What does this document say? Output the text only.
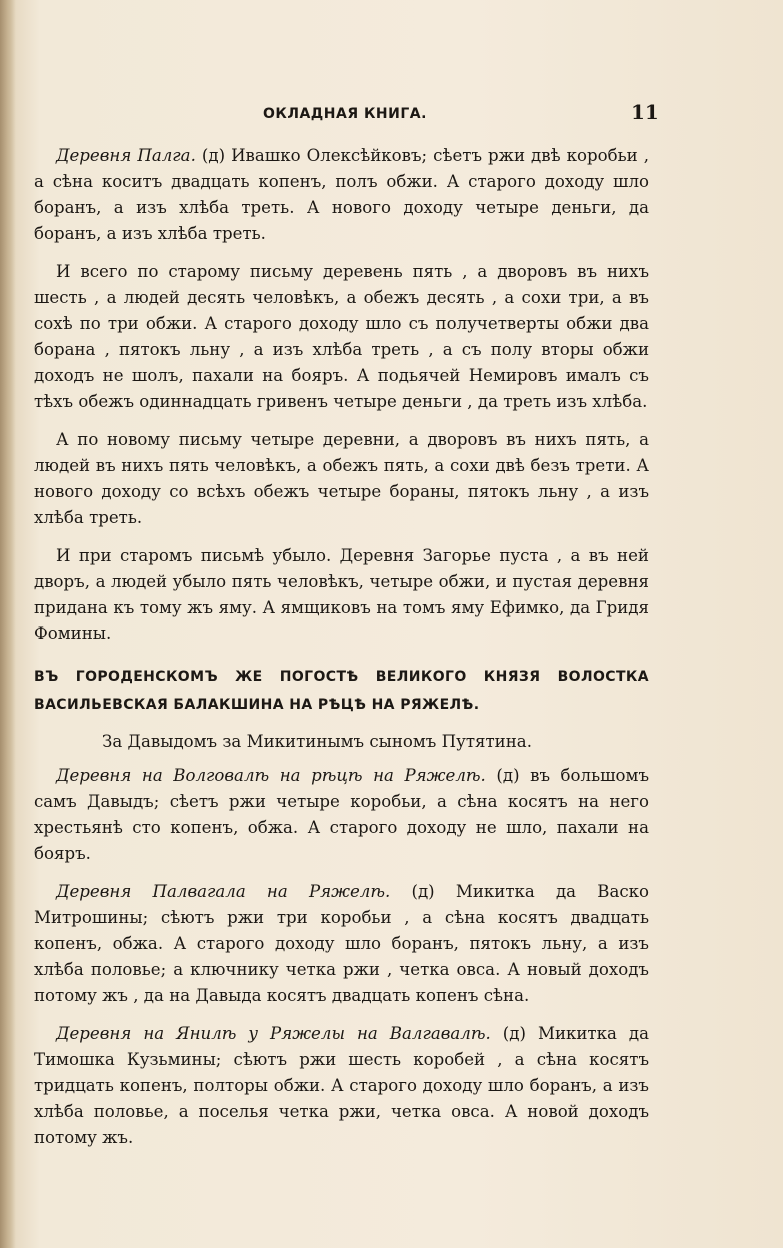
ОКЛАДНАЯ КНИГА.	11

Деревня Палга. (д) Ивашко Олексѣйковъ; сѣетъ ржи двѣ коробьи , а сѣна коситъ двадцать копенъ, полъ обжи. А старого доходу шло боранъ, а изъ хлѣба треть. А нового доходу четыре деньги, да боранъ, а изъ хлѣба треть.

И всего по старому письму деревень пять , а дворовъ въ нихъ шесть , а людей десять человѣкъ, а обежъ десять , а сохи три, а въ сохѣ по три обжи. А старого доходу шло съ получетверты обжи два борана , пятокъ льну , а изъ хлѣба треть , а съ полу вторы обжи доходъ не шолъ, пахали на бояръ. А подьячей Немировъ ималъ съ тѣхъ обежъ одиннадцать гривенъ четыре деньги , да треть изъ хлѣба.

А по новому письму четыре деревни, а дворовъ въ нихъ пять, а людей въ нихъ пять человѣкъ, а обежъ пять, а сохи двѣ безъ трети. А нового доходу со всѣхъ обежъ четыре бораны, пятокъ льну , а изъ хлѣба треть.

И при старомъ письмѣ убыло. Деревня Загорье пуста , а въ ней дворъ, а людей убыло пять человѣкъ, четыре обжи, и пустая деревня придана къ тому жъ яму. А ямщиковъ на томъ яму Ефимко, да Гридя Фомины.

ВЪ ГОРОДЕНСКОМЪ ЖЕ ПОГОСТѢ ВЕЛИКОГО КНЯЗЯ ВОЛОСТКА ВАСИЛЬЕВСКАЯ БАЛАКШИНА НА РѢЦѢ НА РЯЖЕЛѢ.

За Давыдомъ за Микитинымъ сыномъ Путятина.

Деревня на Волговалѣ на рѣцѣ на Ряжелѣ. (д) въ большомъ самъ Давыдъ; сѣетъ ржи четыре коробьи, а сѣна косятъ на него хрестьянѣ сто копенъ, обжа. А старого доходу не шло, пахали на бояръ.

Деревня Палвагала на Ряжелѣ. (д) Микитка да Васко Митрошины; сѣютъ ржи три коробьи , а сѣна косятъ двадцать копенъ, обжа. А старого доходу шло боранъ, пятокъ льну, а изъ хлѣба половье; а ключнику четка ржи , четка овса. А новый доходъ потому жъ , да на Давыда косятъ двадцать копенъ сѣна.

Деревня на Янилѣ у Ряжелы на Валгавалѣ. (д) Микитка да Тимошка Кузьмины; сѣютъ ржи шесть коробей , а сѣна косятъ тридцать копенъ, полторы обжи. А старого доходу шло боранъ, а изъ хлѣба половье, а поселья четка ржи, четка овса. А новой доходъ потому жъ.
